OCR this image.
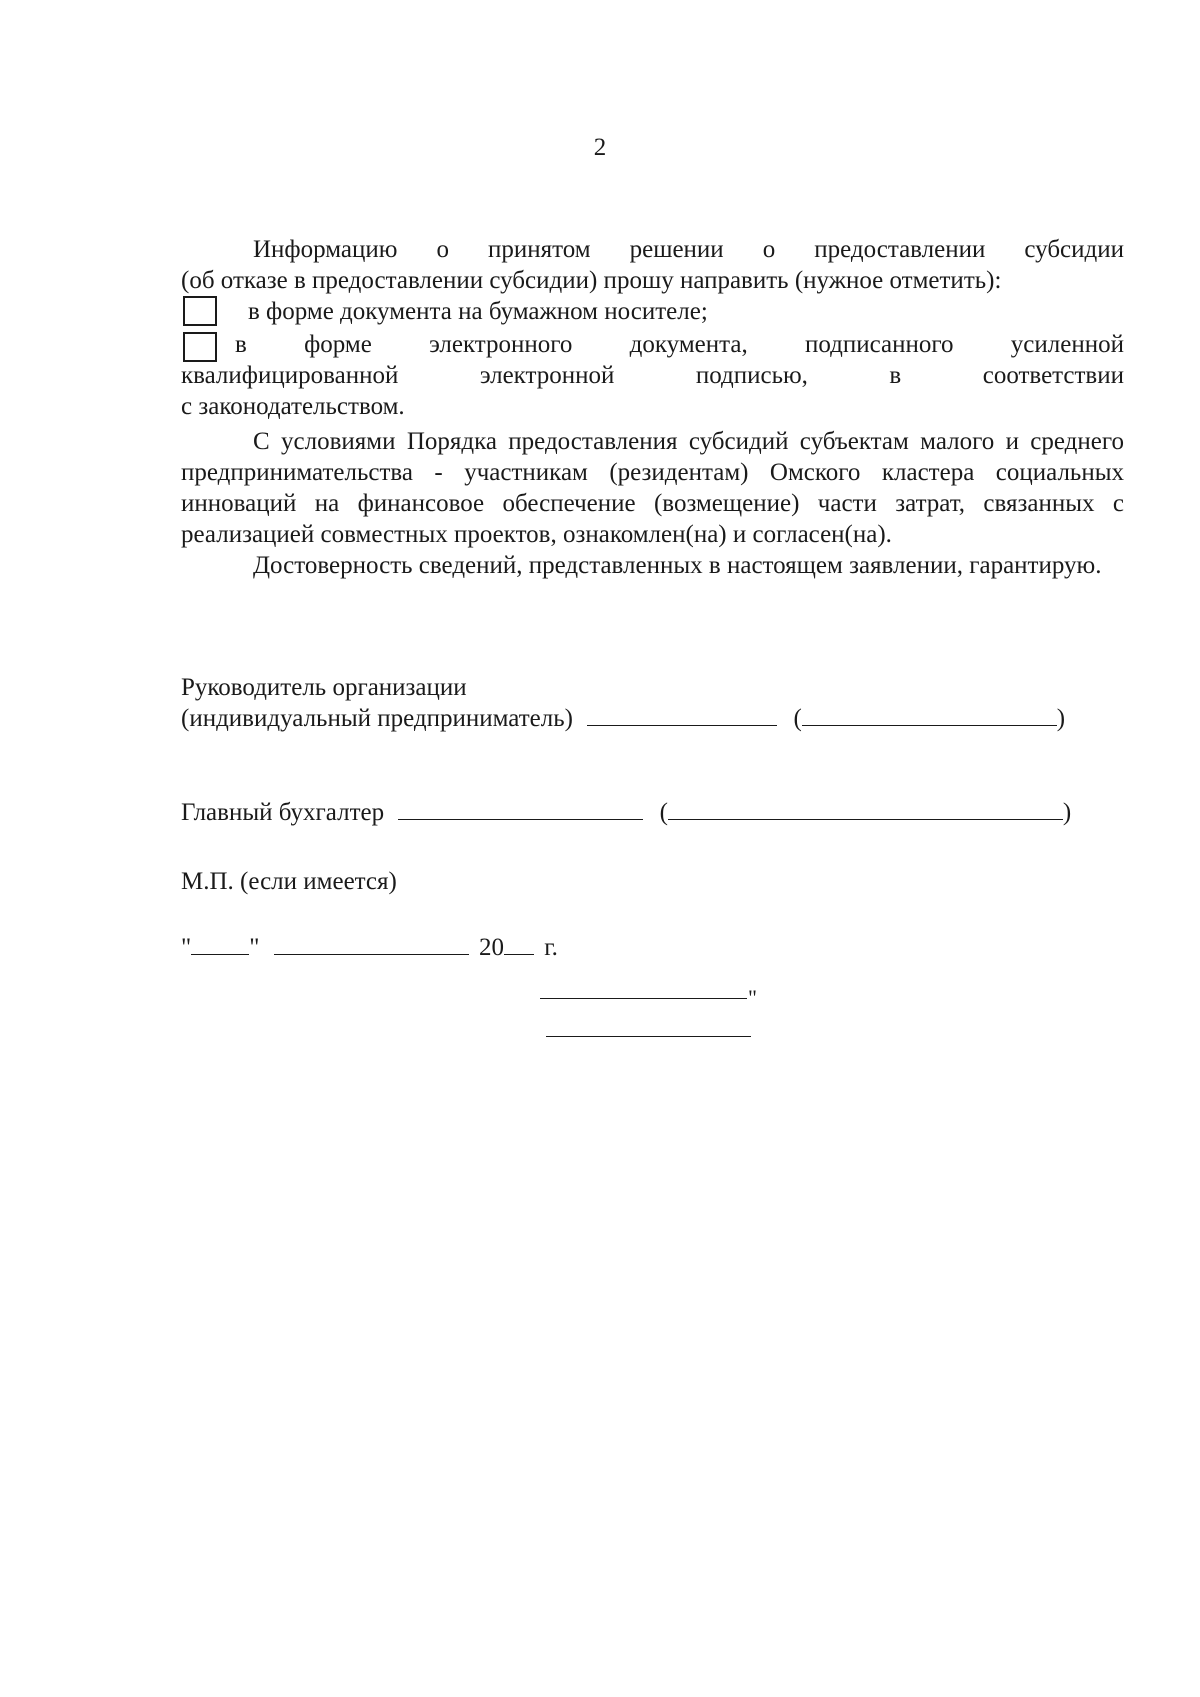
2

Информацию о принятом решении о предоставлении субсидии

(об отказе в предоставлении субсидии) прошу направить (нужное отметить):

в форме документа на бумажном носителе;

в форме электронного документа, подписанного усиленной

квалифицированной электронной подписью, в соответствии

с законодательством.

С условиями Порядка предоставления субсидий субъектам малого и среднего предпринимательства - участникам (резидентам) Омского кластера социальных инноваций на финансовое обеспечение (возмещение) части затрат, связанных с реализацией совместных проектов, ознакомлен(на) и согласен(на).

Достоверность сведений, представленных в настоящем заявлении, гарантирую.

Руководитель организации

(индивидуальный предприниматель)	(	)

Главный бухгалтер	(	)

М.П. (если имеется)

" "	20 г.

"
